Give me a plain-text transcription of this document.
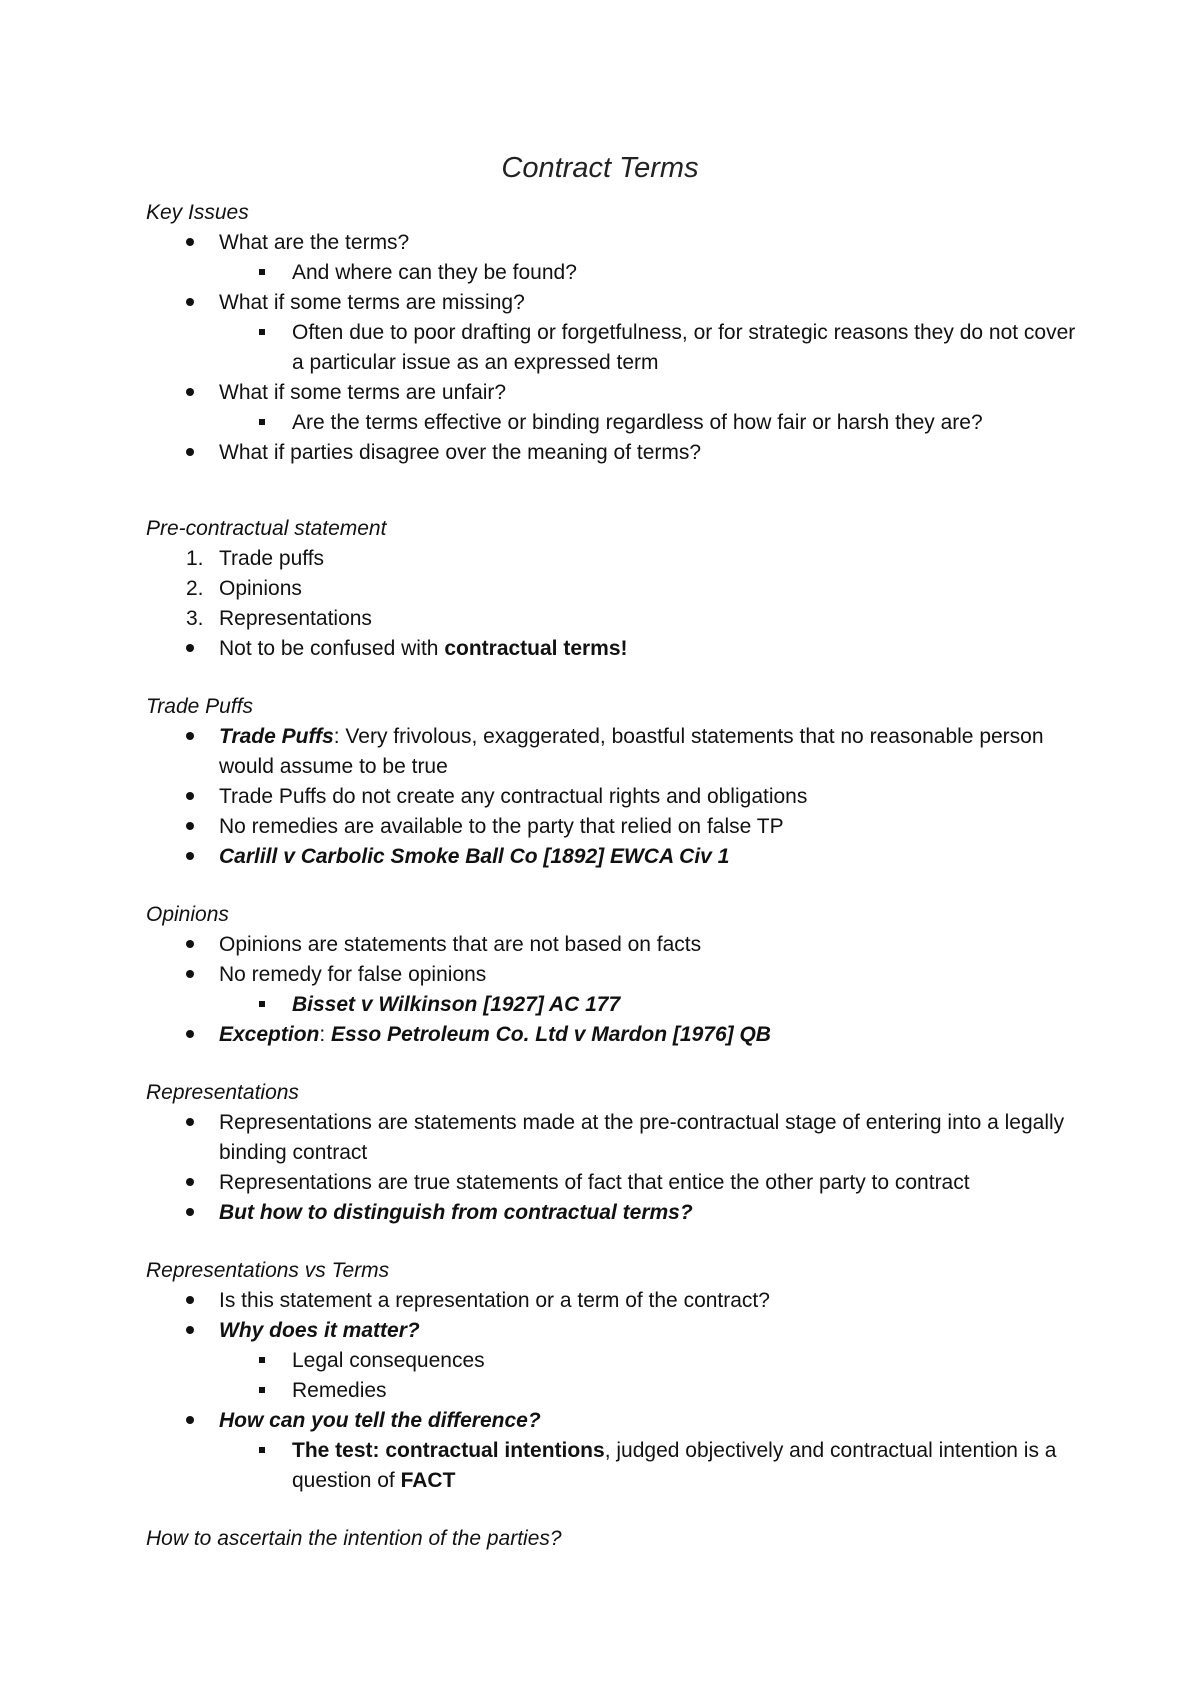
Contract Terms
Key Issues
What are the terms?
And where can they be found?
What if some terms are missing?
Often due to poor drafting or forgetfulness, or for strategic reasons they do not cover a particular issue as an expressed term
What if some terms are unfair?
Are the terms effective or binding regardless of how fair or harsh they are?
What if parties disagree over the meaning of terms?
Pre-contractual statement
1. Trade puffs
2. Opinions
3. Representations
Not to be confused with contractual terms!
Trade Puffs
Trade Puffs: Very frivolous, exaggerated, boastful statements that no reasonable person would assume to be true
Trade Puffs do not create any contractual rights and obligations
No remedies are available to the party that relied on false TP
Carlill v Carbolic Smoke Ball Co [1892] EWCA Civ 1
Opinions
Opinions are statements that are not based on facts
No remedy for false opinions
Bisset v Wilkinson [1927] AC 177
Exception: Esso Petroleum Co. Ltd v Mardon [1976] QB
Representations
Representations are statements made at the pre-contractual stage of entering into a legally binding contract
Representations are true statements of fact that entice the other party to contract
But how to distinguish from contractual terms?
Representations vs Terms
Is this statement a representation or a term of the contract?
Why does it matter?
Legal consequences
Remedies
How can you tell the difference?
The test: contractual intentions, judged objectively and contractual intention is a question of FACT
How to ascertain the intention of the parties?
